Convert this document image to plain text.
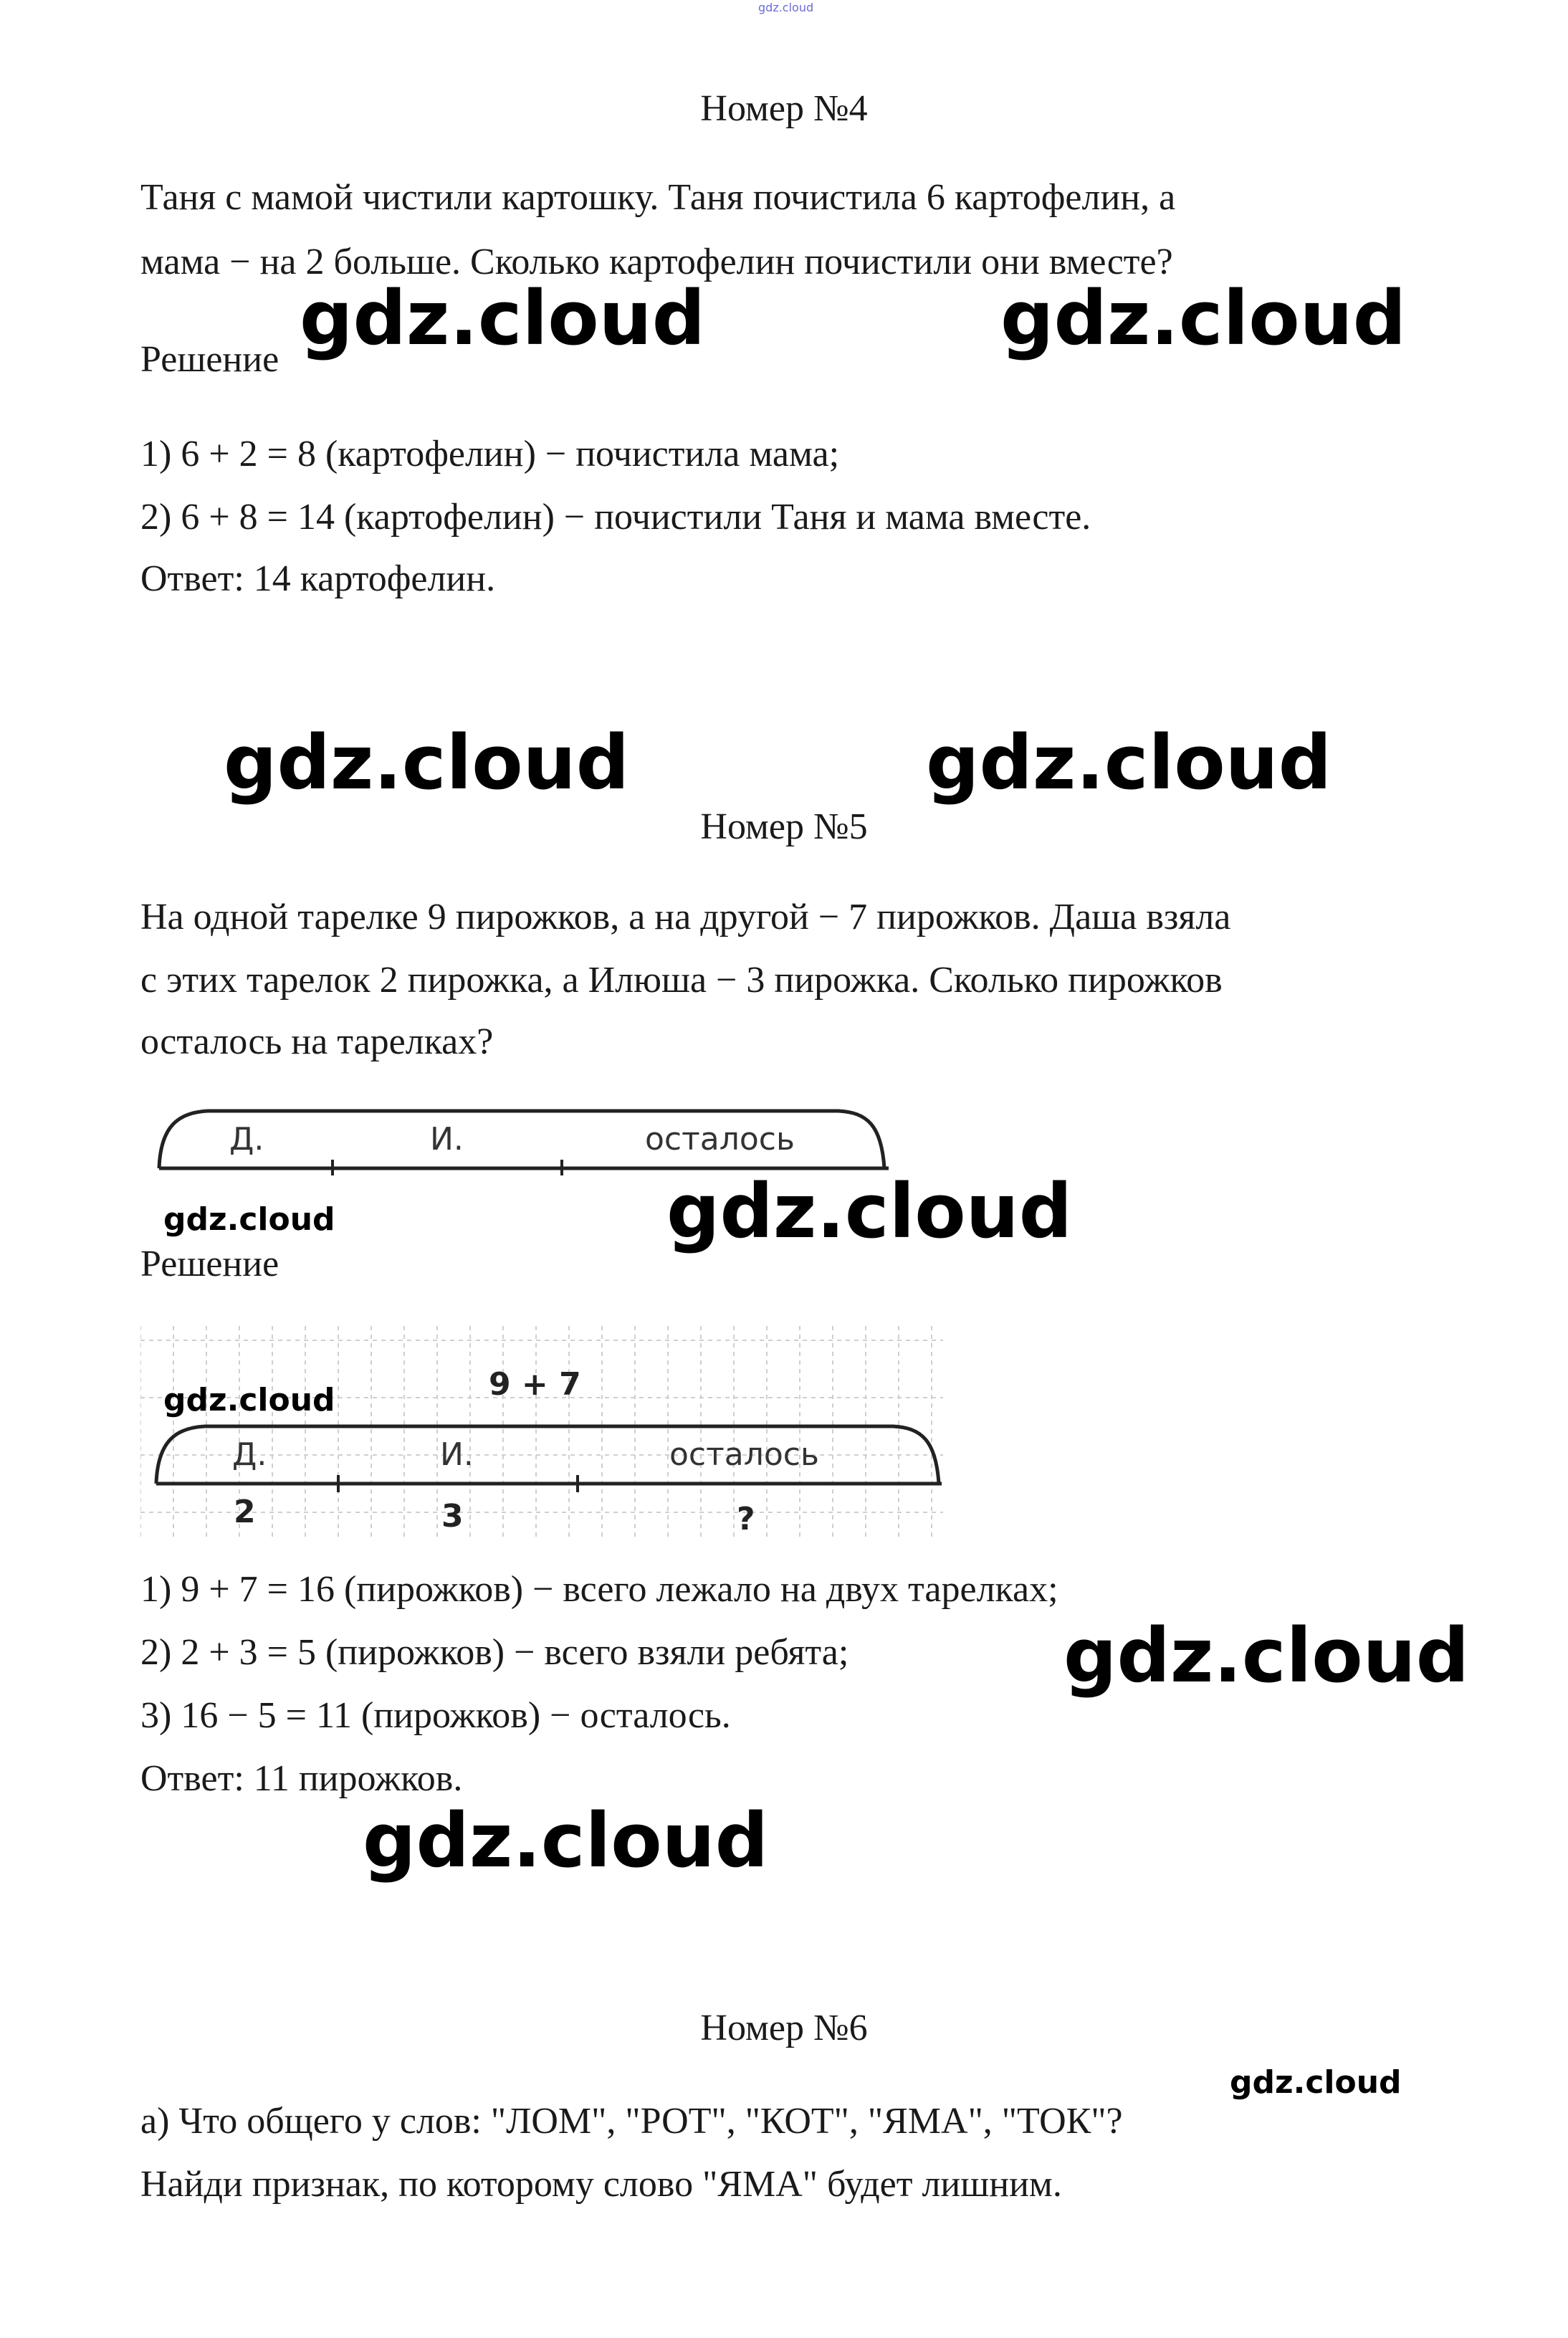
gdz.cloud
Номер №4
Таня с мамой чистили картошку. Таня почистила 6 картофелин, а
мама − на 2 больше. Сколько картофелин почистили они вместе?
Решение
1) 6 + 2 = 8 (картофелин) − почистила мама;
2) 6 + 8 = 14 (картофелин) − почистили Таня и мама вместе.
Ответ: 14 картофелин.
Номер №5
На одной тарелке 9 пирожков, а на другой − 7 пирожков. Даша взяла
с этих тарелок 2 пирожка, а Илюша − 3 пирожка. Сколько пирожков
осталось на тарелках?
Д.	И.	осталось
Решение
9 + 7
Д.	И.	осталось
2	3	?
1) 9 + 7 = 16 (пирожков) − всего лежало на двух тарелках;
2) 2 + 3 = 5 (пирожков) − всего взяли ребята;
3) 16 − 5 = 11 (пирожков) − осталось.
Ответ: 11 пирожков.
Номер №6
а) Что общего у слов: "ЛОМ", "РОТ", "КОТ", "ЯМА", "ТОК"?
Найди признак, по которому слово "ЯМА" будет лишним.
gdz.cloud	gdz.cloud
gdz.cloud	gdz.cloud
gdz.cloud	gdz.cloud
gdz.cloud
gdz.cloud
gdz.cloud
gdz.cloud
